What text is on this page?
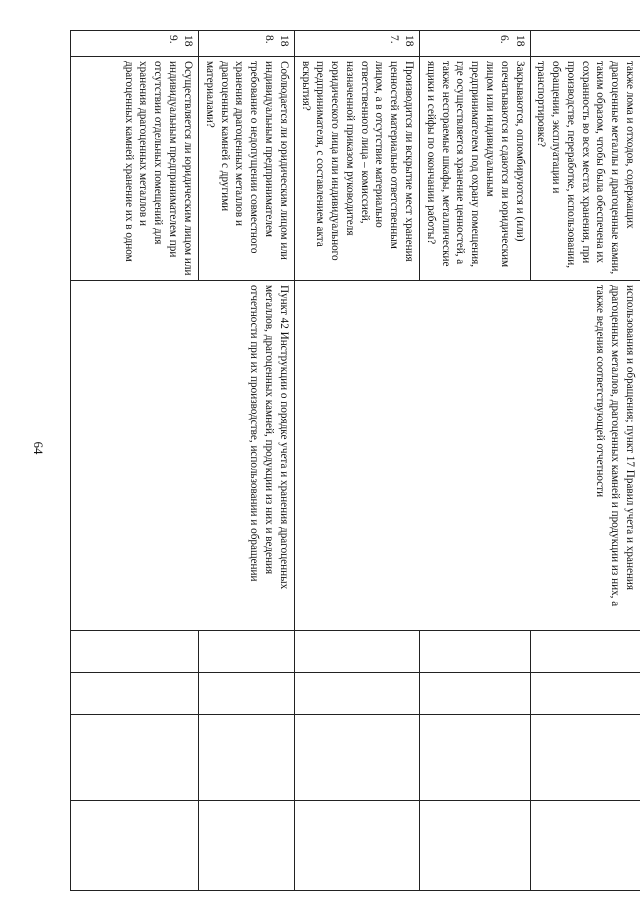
64
	также лома и отходов, содержащих драгоценные металлы и драгоценные камни, таким образом, чтобы была обеспечена их сохранность во всех местах хранения, при производстве, переработке, использовании, обращении, эксплуатации и транспортировке?	использования и обращения; пункт 17 Правил учета и хранения драгоценных металлов, драгоценных камней и продукции из них, а также ведения соответствующей отчетности				
186.	Закрываются, опломбируются и (или) опечатываются и сдаются ли юридическим лицом или индивидуальным предпринимателем под охрану помещения, где осуществляется хранение ценностей, а также несгораемые шкафы, металлические ящики и сейфы по окончании работы?					
187.	Производится ли вскрытие мест хранения ценностей материально ответственным лицом, а в отсутствие материально ответственного лица – комиссией, назначенной приказом руководителя юридического лица или индивидуального предпринимателя, с составлением акта вскрытия?					
188.	Соблюдается ли юридическим лицом или индивидуальным предпринимателем требование о недопущении совместного хранения драгоценных металлов и драгоценных камней с другими материалами?	Пункт 42 Инструкции о порядке учета и хранения драгоценных металлов, драгоценных камней, продукции из них и ведения отчетности при их производстве, использовании и обращении				
189.	Осуществляется ли юридическим лицом или индивидуальным предпринимателем при отсутствии отдельных помещений для хранения драгоценных металлов и драгоценных камней хранение их в одном					
